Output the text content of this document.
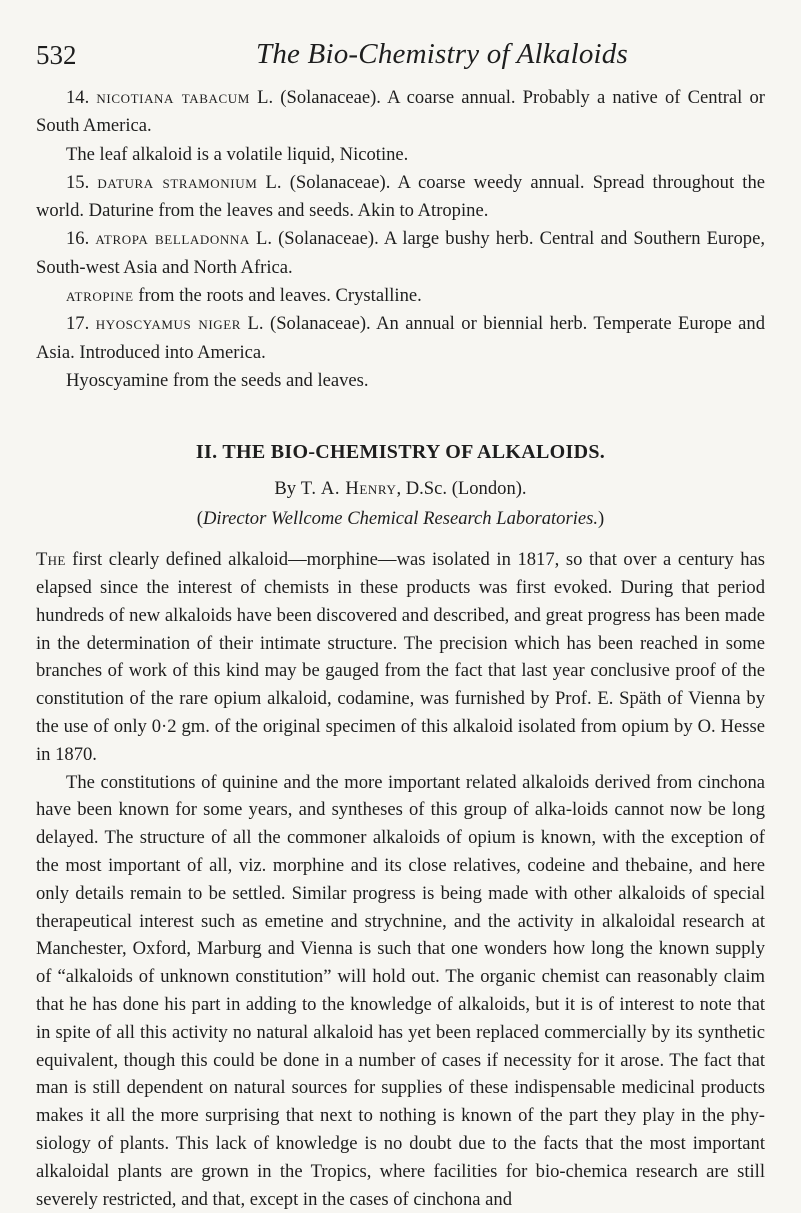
532	The Bio-Chemistry of Alkaloids

14. nicotiana tabacum L. (Solanaceae). A coarse annual. Probably a native of Central or South America.

The leaf alkaloid is a volatile liquid, Nicotine.

15. datura stramonium L. (Solanaceae). A coarse weedy annual. Spread throughout the world. Daturine from the leaves and seeds. Akin to Atropine.

16. atropa belladonna L. (Solanaceae). A large bushy herb. Central and Southern Europe, South-west Asia and North Africa.

atropine from the roots and leaves. Crystalline.

17. hyoscyamus niger L. (Solanaceae). An annual or biennial herb. Temperate Europe and Asia. Introduced into America.

Hyoscyamine from the seeds and leaves.

II. THE BIO-CHEMISTRY OF ALKALOIDS.
By T. A. Henry, D.Sc. (London).
(Director Wellcome Chemical Research Laboratories.)

The first clearly defined alkaloid—morphine—was isolated in 1817, so that over a century has elapsed since the interest of chemists in these products was first evoked. During that period hundreds of new alkaloids have been discovered and described, and great progress has been made in the determination of their intimate structure. The precision which has been reached in some branches of work of this kind may be gauged from the fact that last year conclusive proof of the constitution of the rare opium alkaloid, codamine, was furnished by Prof. E. Späth of Vienna by the use of only 0·2 gm. of the original specimen of this alkaloid isolated from opium by O. Hesse in 1870.

The constitutions of quinine and the more important related alkaloids derived from cinchona have been known for some years, and syntheses of this group of alka-loids cannot now be long delayed. The structure of all the commoner alkaloids of opium is known, with the exception of the most important of all, viz. morphine and its close relatives, codeine and thebaine, and here only details remain to be settled. Similar progress is being made with other alkaloids of special therapeutical interest such as emetine and strychnine, and the activity in alkaloidal research at Manchester, Oxford, Marburg and Vienna is such that one wonders how long the known supply of “alkaloids of unknown constitution” will hold out. The organic chemist can reasonably claim that he has done his part in adding to the knowledge of alkaloids, but it is of interest to note that in spite of all this activity no natural alkaloid has yet been replaced commercially by its synthetic equivalent, though this could be done in a number of cases if necessity for it arose. The fact that man is still dependent on natural sources for supplies of these indispensable medicinal products makes it all the more surprising that next to nothing is known of the part they play in the phy-siology of plants. This lack of knowledge is no doubt due to the facts that the most important alkaloidal plants are grown in the Tropics, where facilities for bio-chemica research are still severely restricted, and that, except in the cases of cinchona and
